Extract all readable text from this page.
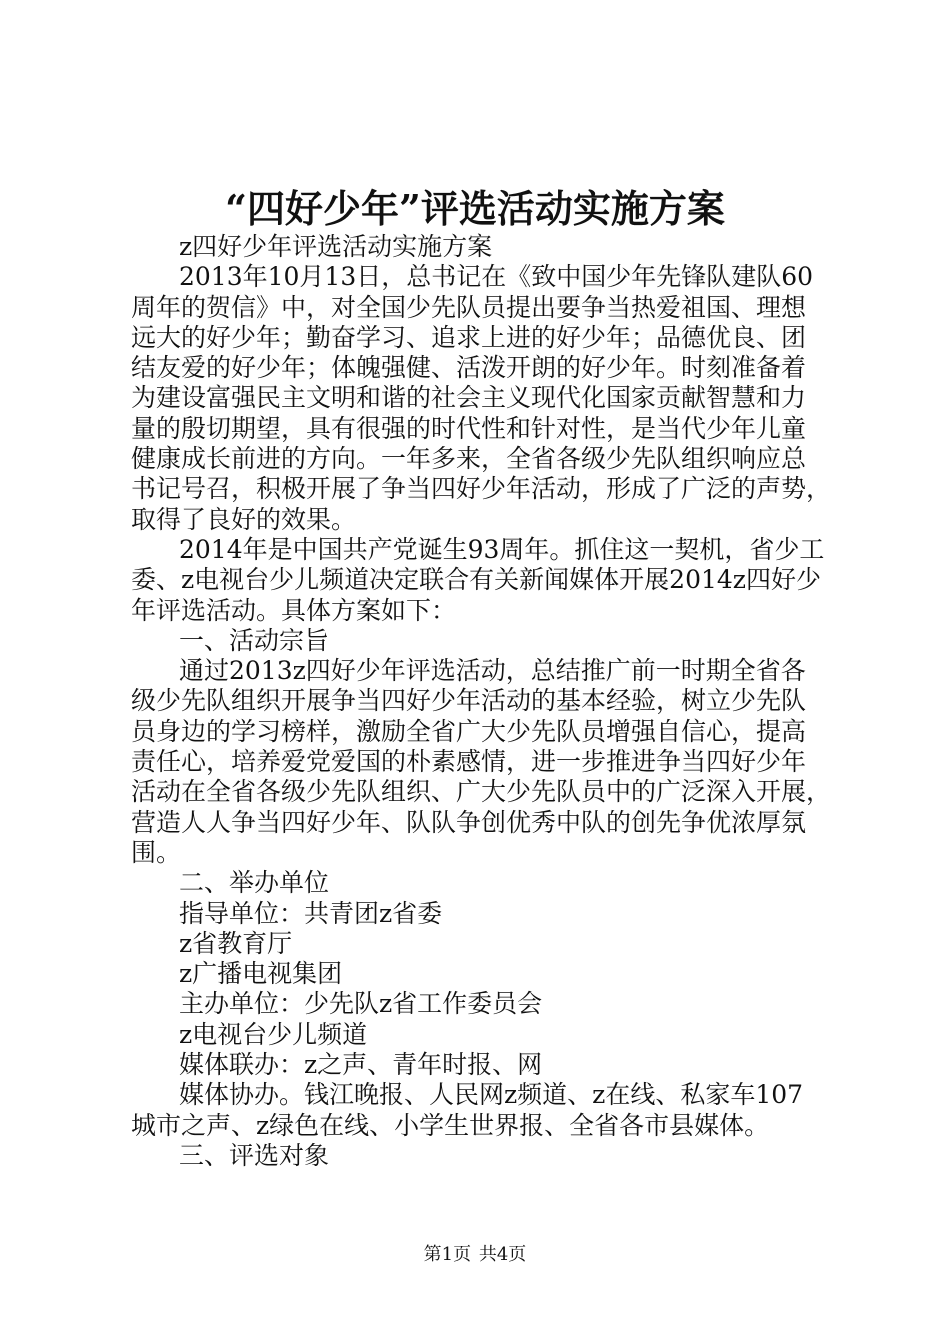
“四好少年”评选活动实施方案
z四好少年评选活动实施方案
2013年10月13日，总书记在《致中国少年先锋队建队60
周年的贺信》中，对全国少先队员提出要争当热爱祖国、理想
远大的好少年；勤奋学习、追求上进的好少年；品德优良、团
结友爱的好少年；体魄强健、活泼开朗的好少年。时刻准备着
为建设富强民主文明和谐的社会主义现代化国家贡献智慧和力
量的殷切期望，具有很强的时代性和针对性，是当代少年儿童
健康成长前进的方向。一年多来，全省各级少先队组织响应总
书记号召，积极开展了争当四好少年活动，形成了广泛的声势，
取得了良好的效果。
2014年是中国共产党诞生93周年。抓住这一契机，省少工
委、z电视台少儿频道决定联合有关新闻媒体开展2014z四好少
年评选活动。具体方案如下：
一、活动宗旨
通过2013z四好少年评选活动，总结推广前一时期全省各
级少先队组织开展争当四好少年活动的基本经验，树立少先队
员身边的学习榜样，激励全省广大少先队员增强自信心，提高
责任心，培养爱党爱国的朴素感情，进一步推进争当四好少年
活动在全省各级少先队组织、广大少先队员中的广泛深入开展，
营造人人争当四好少年、队队争创优秀中队的创先争优浓厚氛
围。
二、举办单位
指导单位：共青团z省委
z省教育厅
z广播电视集团
主办单位：少先队z省工作委员会
z电视台少儿频道
媒体联办：z之声、青年时报、网
媒体协办。钱江晚报、人民网z频道、z在线、私家车107
城市之声、z绿色在线、小学生世界报、全省各市县媒体。
三、评选对象
第1页 共4页
